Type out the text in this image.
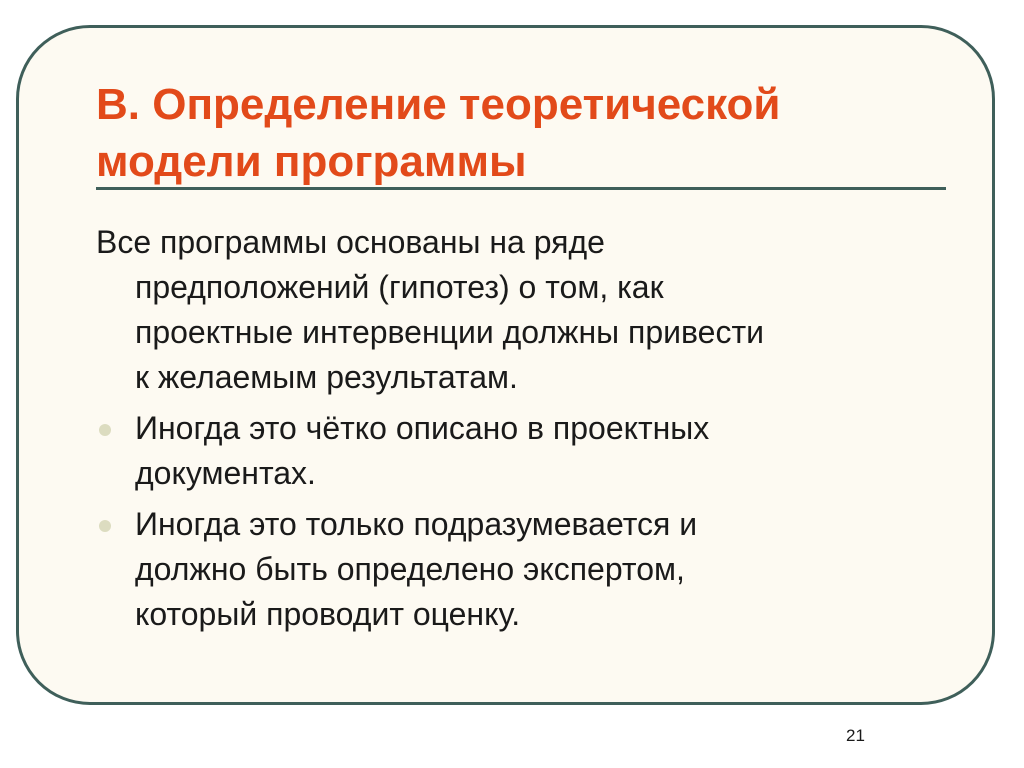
В. Определение теоретической
модели программы

Все программы основаны на ряде
предположений (гипотез) о том, как
проектные интервенции должны привести
к желаемым результатам.

Иногда это чётко описано в проектных
документах.

Иногда это только подразумевается и
должно быть определено экспертом,
который проводит оценку.

21
